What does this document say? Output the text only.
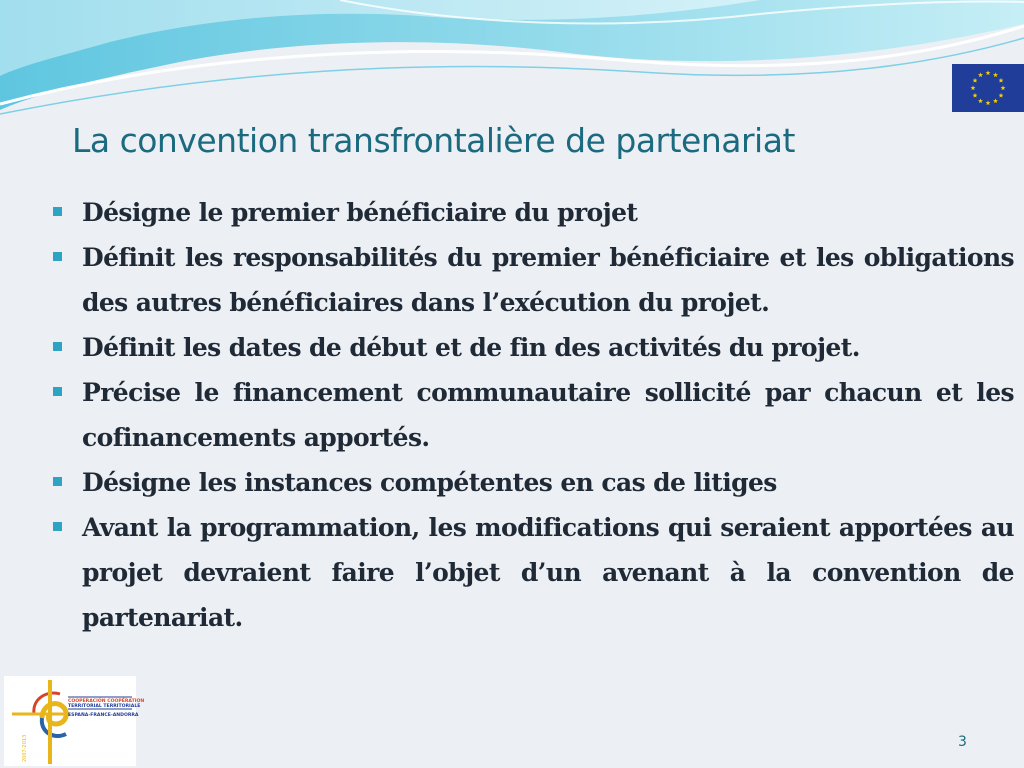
La convention transfrontalière de partenariat
Désigne le premier bénéficiaire du projet
Définit les responsabilités du premier bénéficiaire et les obligations des autres bénéficiaires dans l’exécution du projet.
Définit les dates de début et de fin des activités du projet.
Précise le financement communautaire sollicité par chacun et les cofinancements apportés.
Désigne les instances compétentes en cas de litiges
Avant la programmation, les modifications qui seraient apportées au projet devraient faire l’objet d’un avenant à la convention de partenariat.
COOPERACIÓN COOPÉRATION
TERRITORIAL TERRITORIALE
ESPAÑA-FRANCE-ANDORRA
2007-2013	3
